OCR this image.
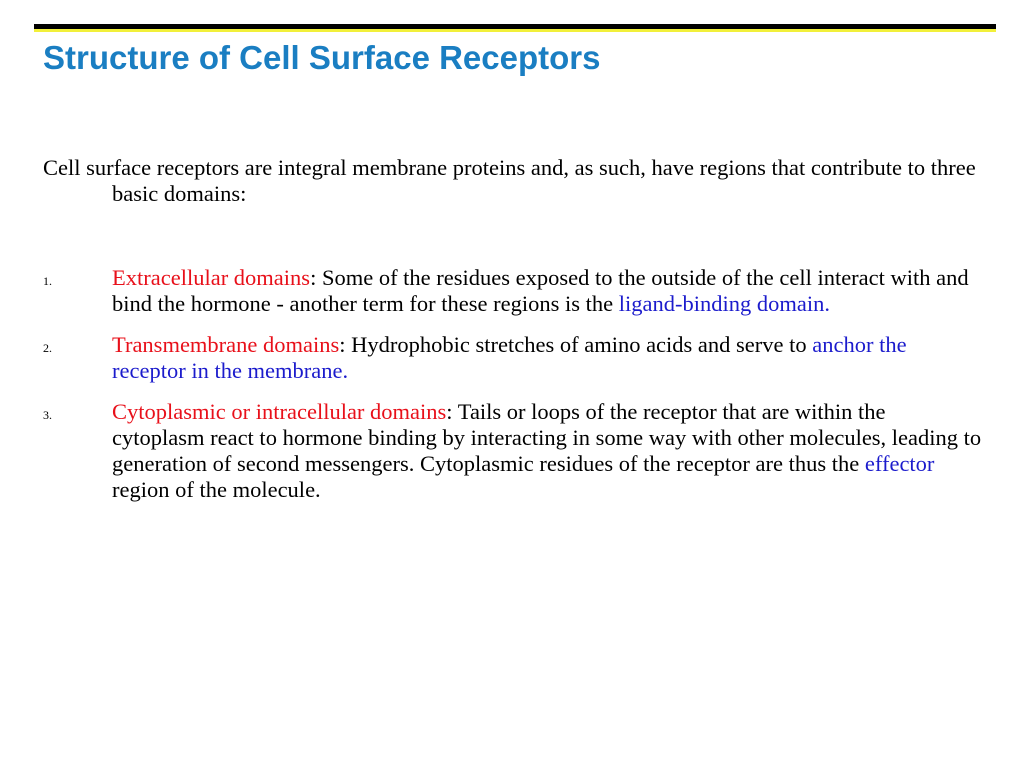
Structure of Cell Surface Receptors

Cell surface receptors are integral membrane proteins and, as such, have regions that contribute to three basic domains:

1.	Extracellular domains: Some of the residues exposed to the outside of the cell interact with and bind the hormone - another term for these regions is the ligand-binding domain.
2.	Transmembrane domains: Hydrophobic stretches of amino acids and serve to anchor the receptor in the membrane.
3.	Cytoplasmic or intracellular domains: Tails or loops of the receptor that are within the cytoplasm react to hormone binding by interacting in some way with other molecules, leading to generation of second messengers. Cytoplasmic residues of the receptor are thus the effector region of the molecule.
